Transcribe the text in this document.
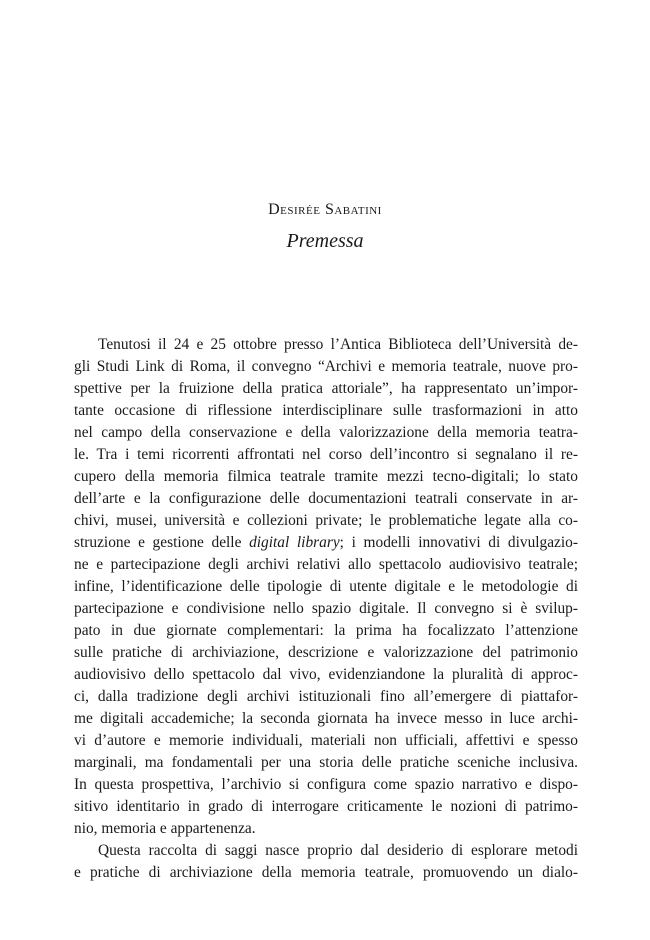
Desirée Sabatini
Premessa
Tenutosi il 24 e 25 ottobre presso l’Antica Biblioteca dell’Università de-
gli Studi Link di Roma, il convegno “Archivi e memoria teatrale, nuove pro-
spettive per la fruizione della pratica attoriale”, ha rappresentato un’impor-
tante occasione di riflessione interdisciplinare sulle trasformazioni in atto
nel campo della conservazione e della valorizzazione della memoria teatra-
le. Tra i temi ricorrenti affrontati nel corso dell’incontro si segnalano il re-
cupero della memoria filmica teatrale tramite mezzi tecno-digitali; lo stato
dell’arte e la configurazione delle documentazioni teatrali conservate in ar-
chivi, musei, università e collezioni private; le problematiche legate alla co-
struzione e gestione delle digital library; i modelli innovativi di divulgazio-
ne e partecipazione degli archivi relativi allo spettacolo audiovisivo teatrale;
infine, l’identificazione delle tipologie di utente digitale e le metodologie di
partecipazione e condivisione nello spazio digitale. Il convegno si è svilup-
pato in due giornate complementari: la prima ha focalizzato l’attenzione
sulle pratiche di archiviazione, descrizione e valorizzazione del patrimonio
audiovisivo dello spettacolo dal vivo, evidenziandone la pluralità di approc-
ci, dalla tradizione degli archivi istituzionali fino all’emergere di piattafor-
me digitali accademiche; la seconda giornata ha invece messo in luce archi-
vi d’autore e memorie individuali, materiali non ufficiali, affettivi e spesso
marginali, ma fondamentali per una storia delle pratiche sceniche inclusiva.
In questa prospettiva, l’archivio si configura come spazio narrativo e dispo-
sitivo identitario in grado di interrogare criticamente le nozioni di patrimo-
nio, memoria e appartenenza.
Questa raccolta di saggi nasce proprio dal desiderio di esplorare metodi
e pratiche di archiviazione della memoria teatrale, promuovendo un dialo-
